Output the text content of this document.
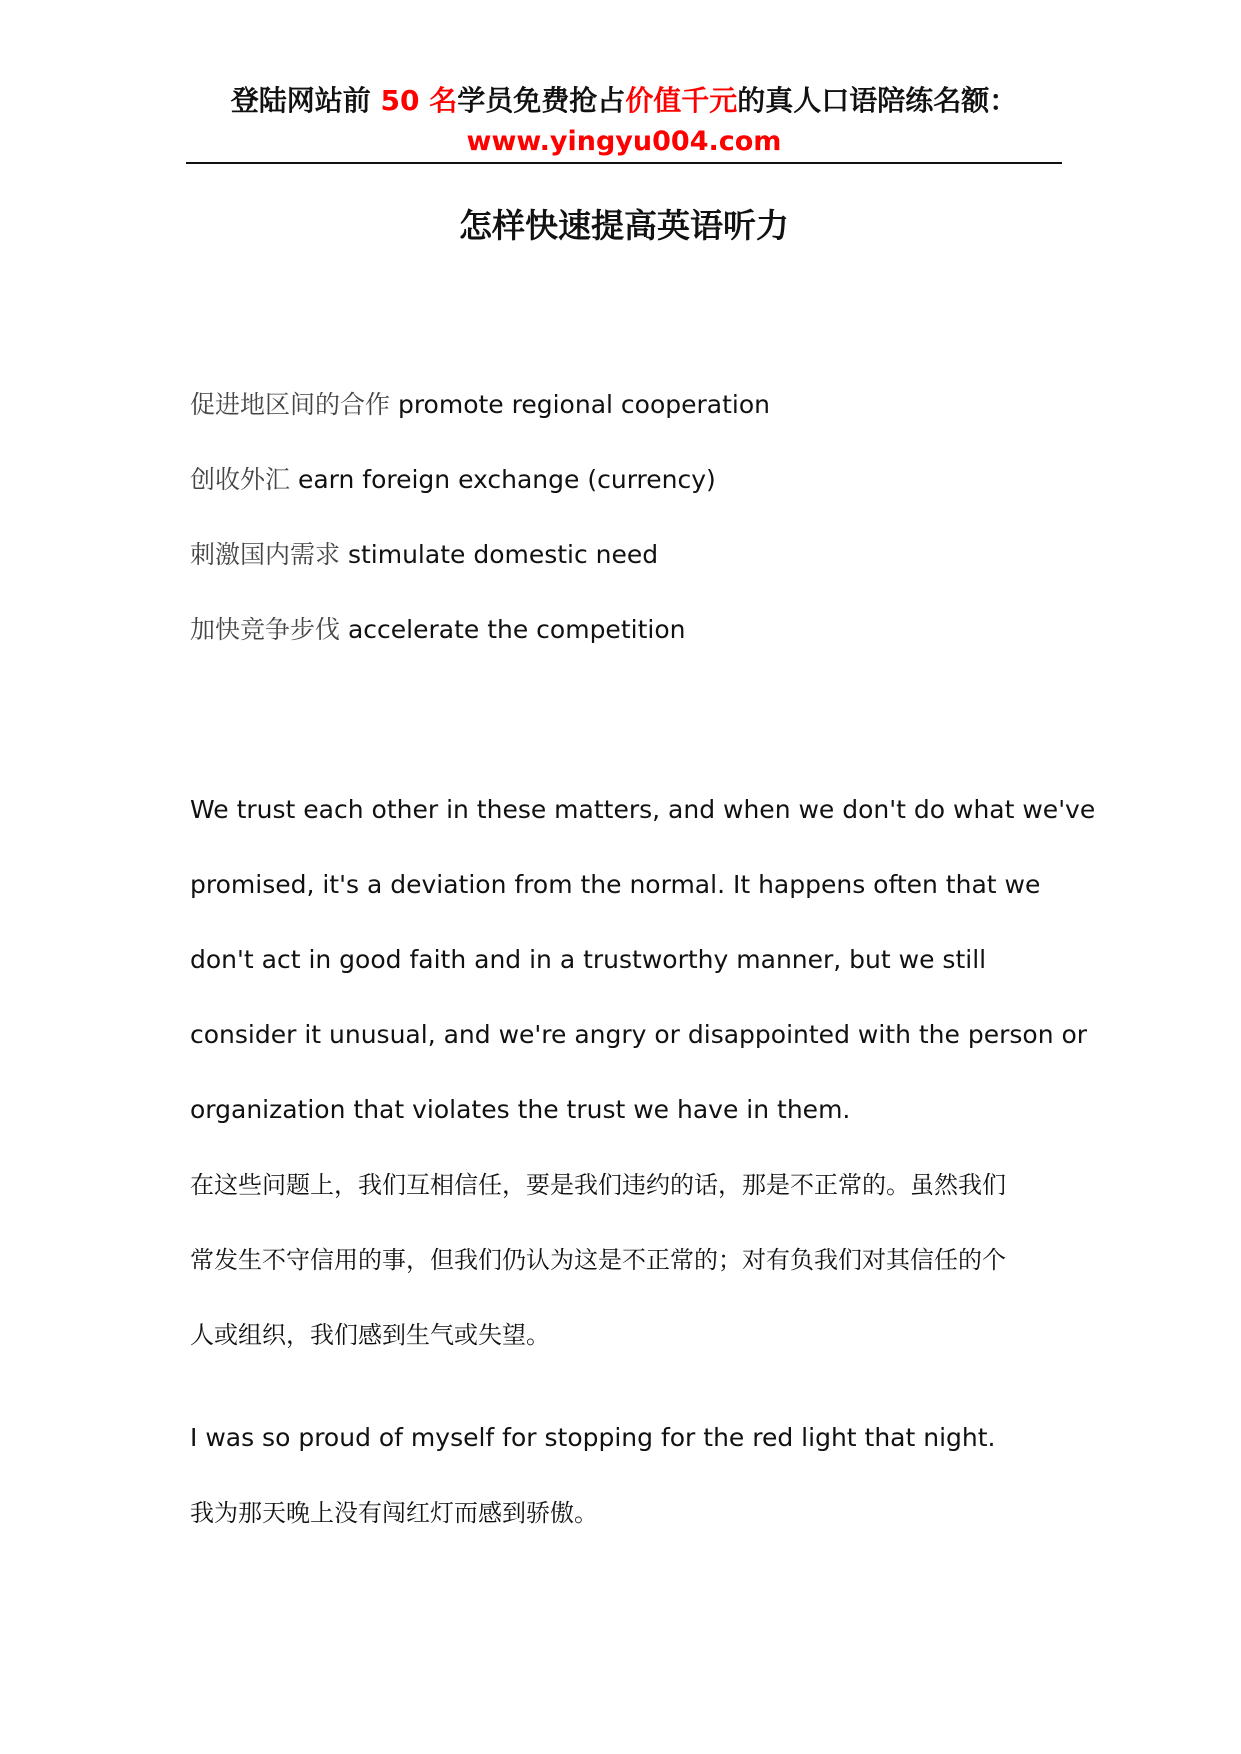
登陆网站前 50 名学员免费抢占价值千元的真人口语陪练名额：
www.yingyu004.com
怎样快速提高英语听力
促进地区间的合作 promote regional cooperation
创收外汇 earn foreign exchange (currency)
刺激国内需求 stimulate domestic need
加快竞争步伐 accelerate the competition
We trust each other in these matters, and when we don't do what we've
promised, it's a deviation from the normal. It happens often that we
don't act in good faith and in a trustworthy manner, but we still
consider it unusual, and we're angry or disappointed with the person or
organization that violates the trust we have in them.
在这些问题上，我们互相信任，要是我们违约的话，那是不正常的。虽然我们
常发生不守信用的事，但我们仍认为这是不正常的；对有负我们对其信任的个
人或组织，我们感到生气或失望。
I was so proud of myself for stopping for the red light that night.
我为那天晚上没有闯红灯而感到骄傲。
